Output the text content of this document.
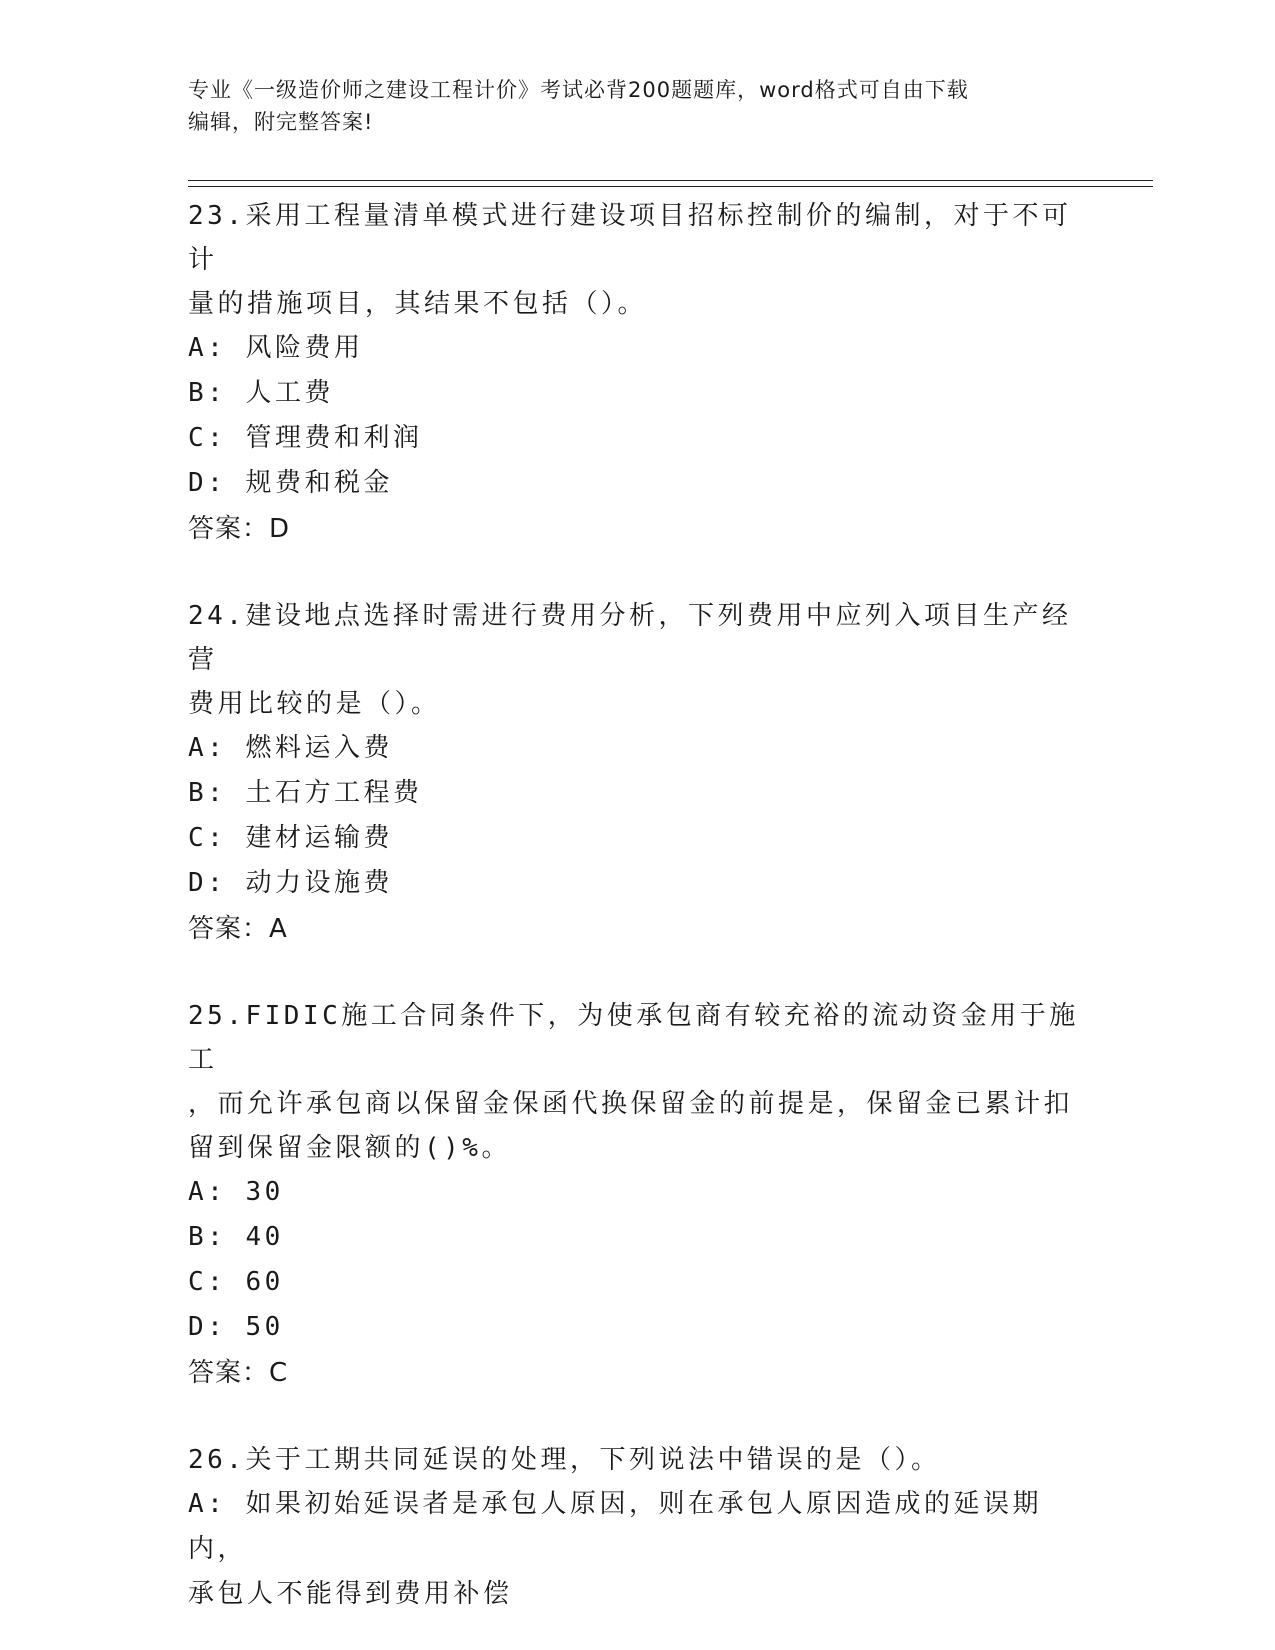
专业《一级造价师之建设工程计价》考试必背200题题库，word格式可自由下载
编辑，附完整答案!
23.采用工程量清单模式进行建设项目招标控制价的编制，对于不可计
量的措施项目，其结果不包括（）。
A: 风险费用
B: 人工费
C: 管理费和利润
D: 规费和税金
答案：D
24.建设地点选择时需进行费用分析，下列费用中应列入项目生产经营
费用比较的是（）。
A: 燃料运入费
B: 土石方工程费
C: 建材运输费
D: 动力设施费
答案：A
25.FIDIC施工合同条件下，为使承包商有较充裕的流动资金用于施工
，而允许承包商以保留金保函代换保留金的前提是，保留金已累计扣
留到保留金限额的()%。
A: 30
B: 40
C: 60
D: 50
答案：C
26.关于工期共同延误的处理，下列说法中错误的是（）。
A: 如果初始延误者是承包人原因，则在承包人原因造成的延误期内，
承包人不能得到费用补偿
